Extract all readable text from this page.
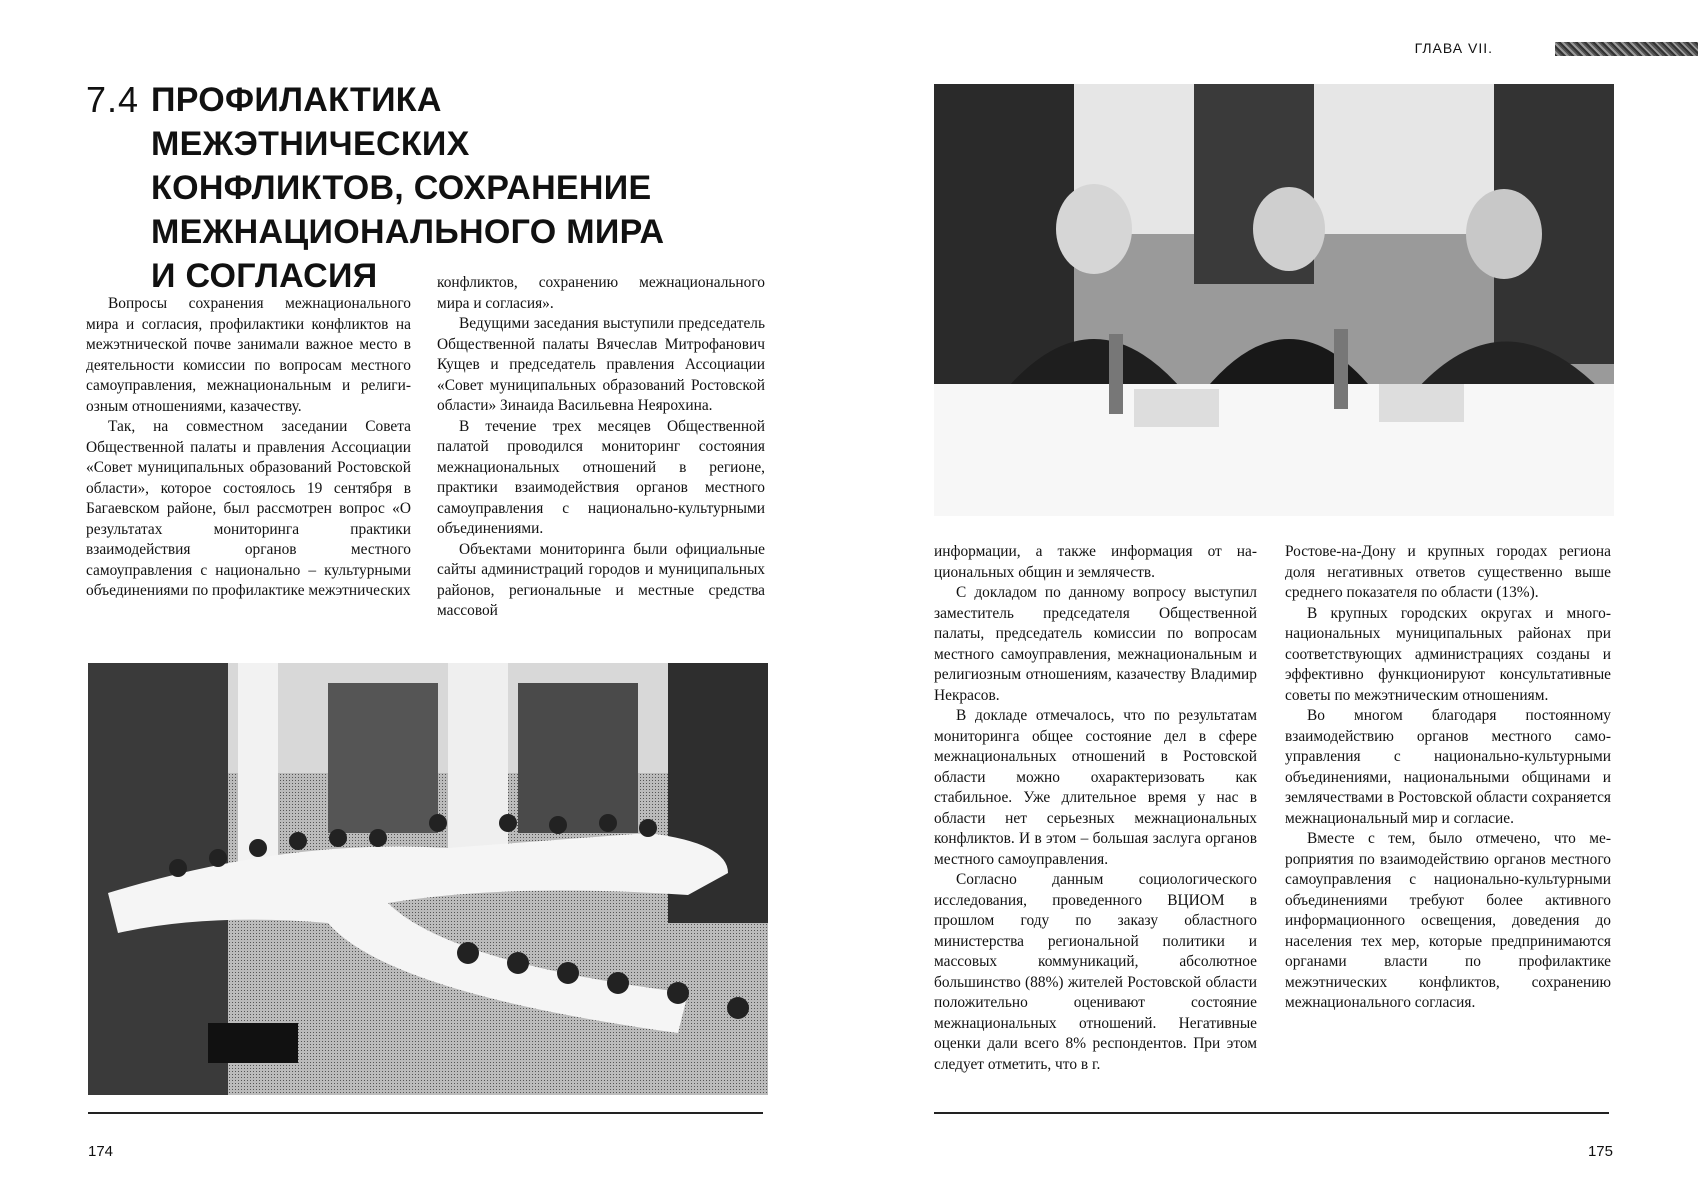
7.4 ПРОФИЛАКТИКА МЕЖЭТНИЧЕСКИХ
КОНФЛИКТОВ, СОХРАНЕНИЕ
МЕЖНАЦИОНАЛЬНОГО МИРА
И СОГЛАСИЯ

Вопросы сохранения межнационального мира и согласия, профилактики конфликтов на межэтнической почве занимали важное место в деятельности комиссии по вопросам местного самоуправления, межнациональным и религиозным отношениями, казачеству.

Так, на совместном заседании Совета Общественной палаты и правления Ассоциации «Совет муниципальных образований Ростовской области», которое состоялось 19 сентября в Багаевском районе, был рассмотрен вопрос «О результатах мониторинга практики взаимодействия органов местного самоуправления с национально – культурными объединениями по профилактике межэтнических

конфликтов, сохранению межнационального мира и согласия».

Ведущими заседания выступили председатель Общественной палаты Вячеслав Митрофанович Кущев и председатель правления Ассоциации «Совет муниципальных образований Ростовской области» Зинаида Васильевна Неярохина.

В течение трех месяцев Общественной палатой проводился мониторинг состояния межнациональных отношений в регионе, практики взаимодействия органов местного самоуправления с национально-культурными объединениями.

Объектами мониторинга были официальные сайты администраций городов и муниципальных районов, региональные и местные средства массовой

174
ГЛАВА VII.

информации, а также информация от национальных общин и землячеств.

С докладом по данному вопросу выступил заместитель председателя Общественной палаты, председатель комиссии по вопросам местного самоуправления, межнациональным и религиозным отношениям, казачеству Владимир Некрасов.

В докладе отмечалось, что по результатам мониторинга общее состояние дел в сфере межнациональных отношений в Ростовской области можно охарактеризовать как стабильное. Уже длительное время у нас в области нет серьезных межнациональных конфликтов. И в этом – большая заслуга органов местного самоуправления.

Согласно данным социологического исследования, проведенного ВЦИОМ в прошлом году по заказу областного министерства региональной политики и массовых коммуникаций, абсолютное большинство (88%) жителей Ростовской области положительно оценивают состояние межнациональных отношений. Негативные оценки дали всего 8% респондентов. При этом следует отметить, что в г.

Ростове-на-Дону и крупных городах региона доля негативных ответов существенно выше среднего показателя по области (13%).

В крупных городских округах и многонациональных муниципальных районах при соответствующих администрациях созданы и эффективно функционируют консультативные советы по межэтническим отношениям.

Во многом благодаря постоянному взаимодействию органов местного самоуправления с национально-культурными объединениями, национальными общинами и землячествами в Ростовской области сохраняется межнациональный мир и согласие.

Вместе с тем, было отмечено, что мероприятия по взаимодействию органов местного самоуправления с национально-культурными объединениями требуют более активного информационного освещения, доведения до населения тех мер, которые предпринимаются органами власти по профилактике межэтнических конфликтов, сохранению межнационального согласия.

175
